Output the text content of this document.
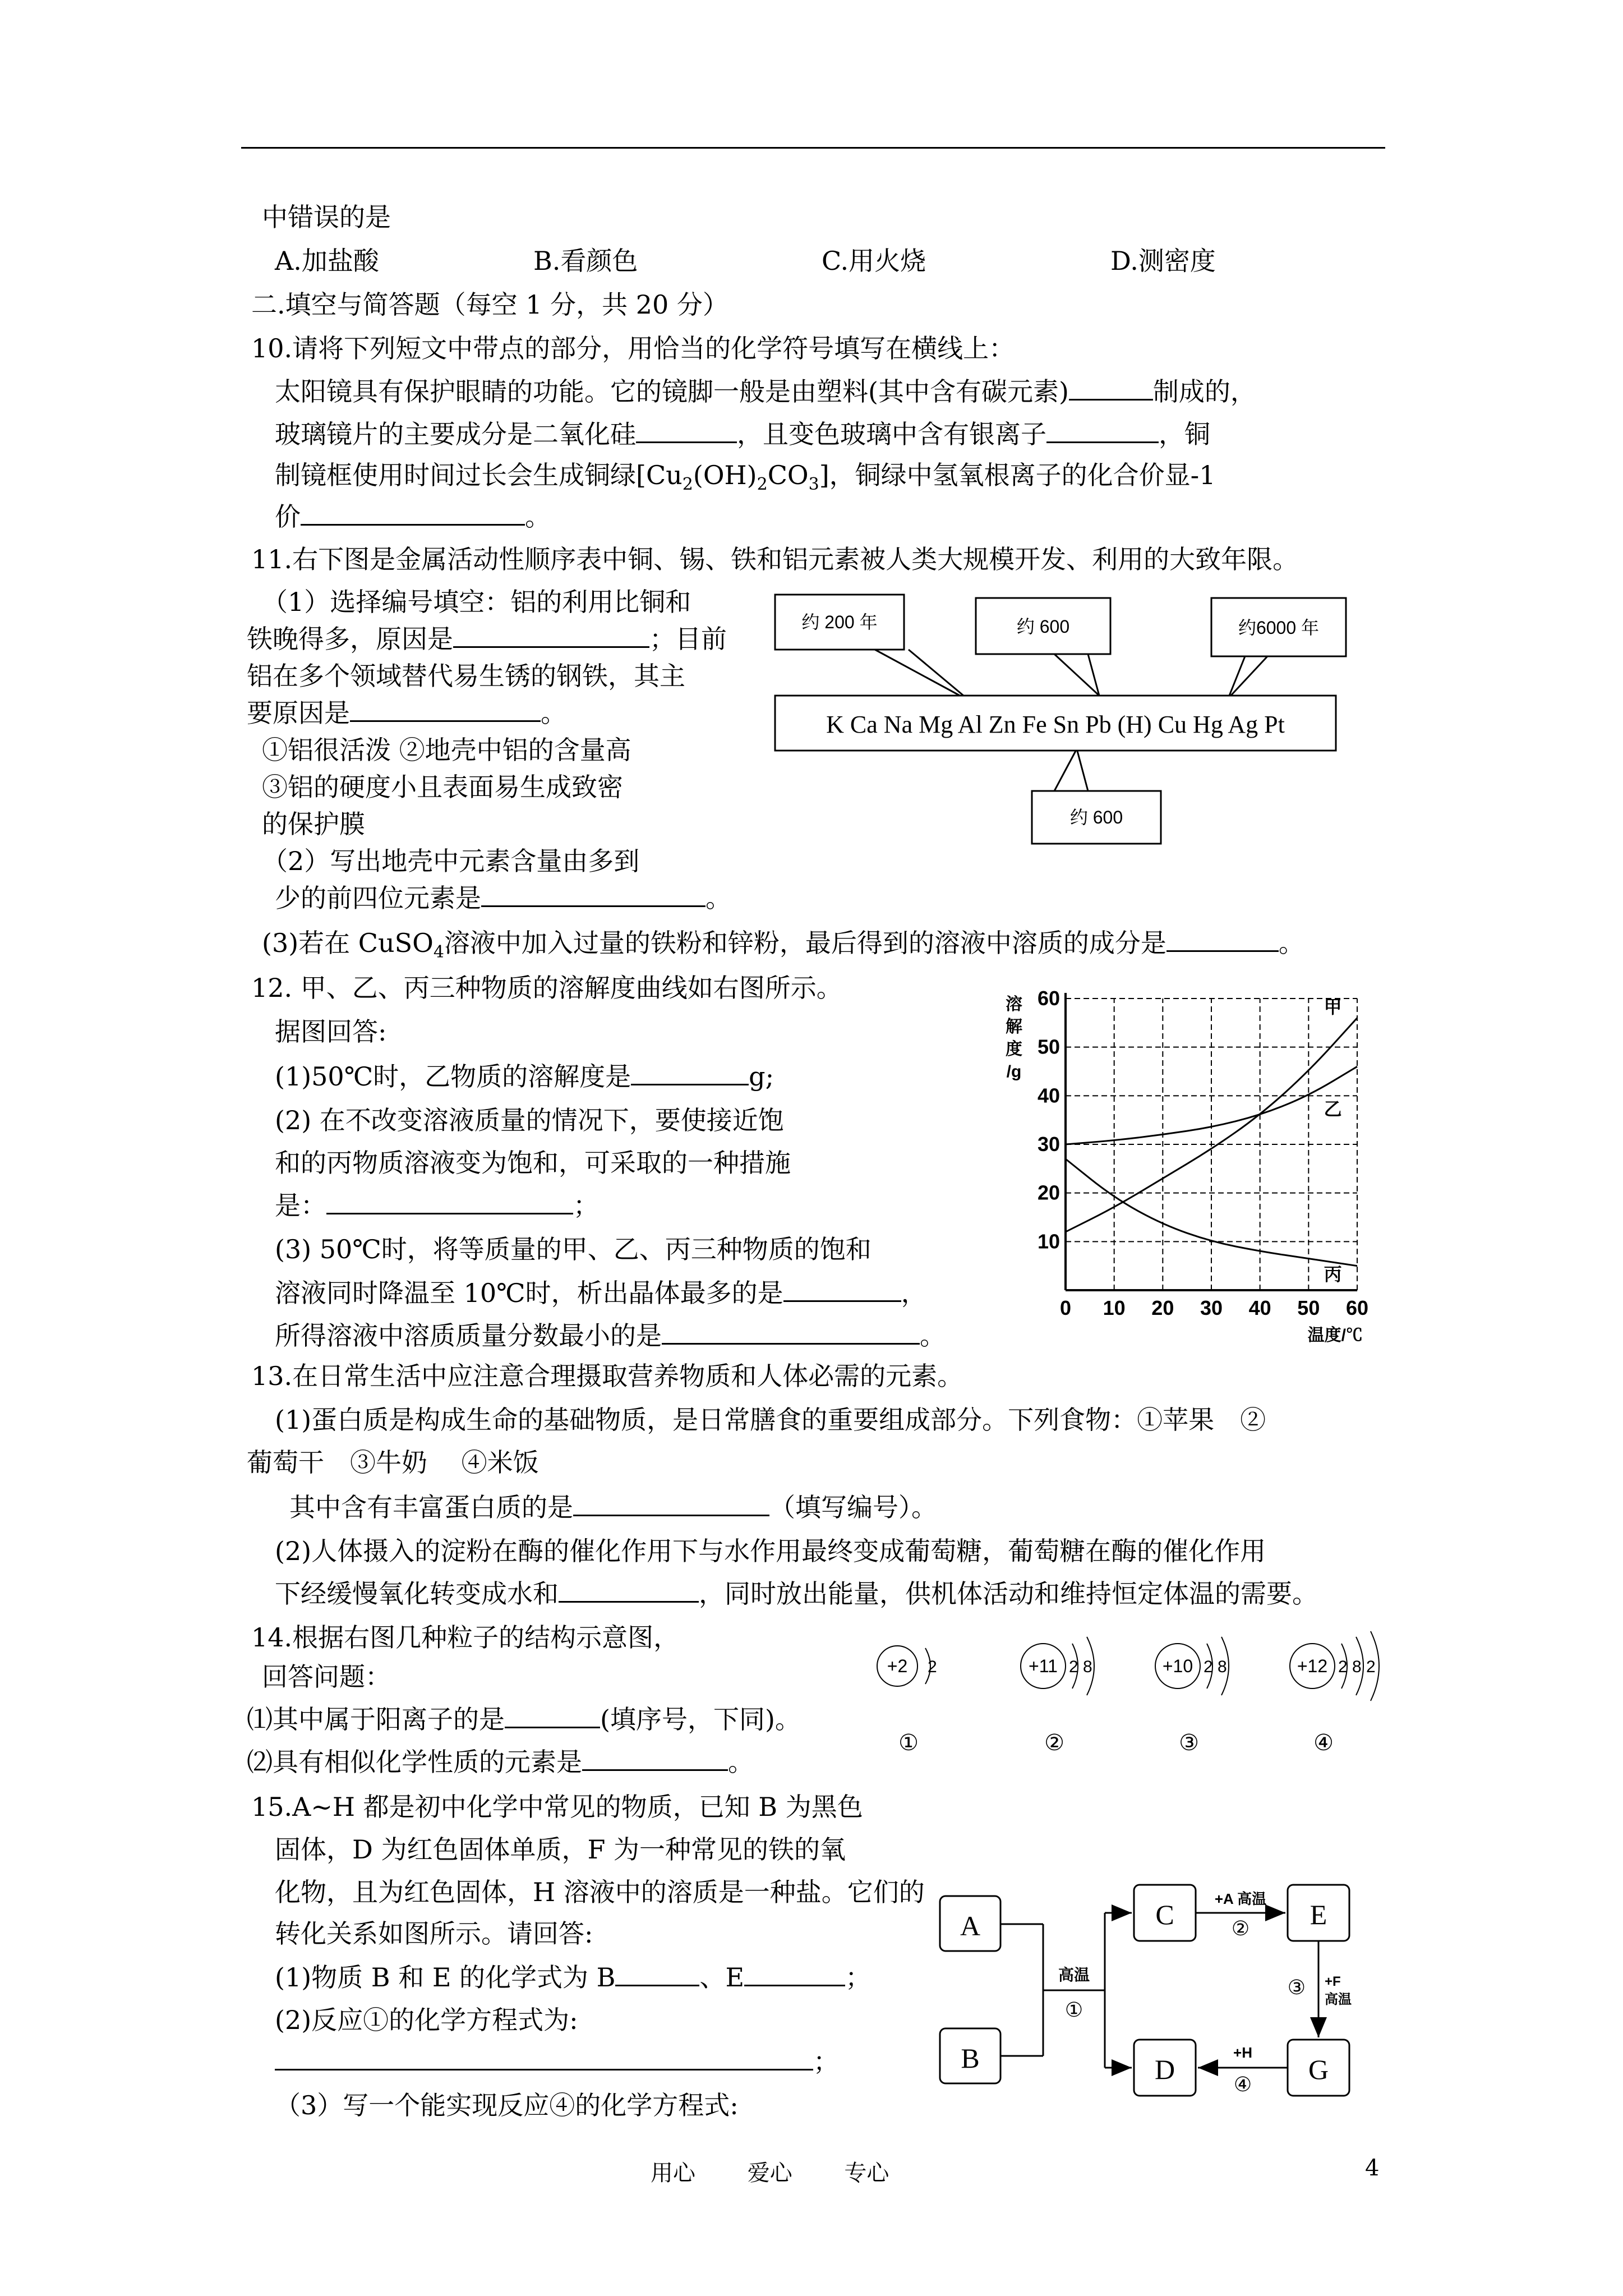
中错误的是
A.加盐酸	B.看颜色	C.用火烧	D.测密度
二.填空与简答题（每空 1 分，共 20 分）
10.请将下列短文中带点的部分，用恰当的化学符号填写在横线上：
太阳镜具有保护眼睛的功能。它的镜脚一般是由塑料(其中含有碳元素)	制成的，
玻璃镜片的主要成分是二氧化硅	，且变色玻璃中含有银离子	，铜
制镜框使用时间过长会生成铜绿$[Cu_2(OH)_2CO_3]$，铜绿中氢氧根离子的化合价显-1
价	。
11.右下图是金属活动性顺序表中铜、锡、铁和铝元素被人类大规模开发、利用的大致年限。
（1）选择编号填空：铝的利用比铜和
铁晚得多，原因是	；目前
铝在多个领域替代易生锈的钢铁，其主
要原因是	。
①铝很活泼 ②地壳中铝的含量高
③铝的硬度小且表面易生成致密
的保护膜
（2）写出地壳中元素含量由多到
少的前四位元素是	。
(3)若在 CuSO$_4$溶液中加入过量的铁粉和锌粉，最后得到的溶液中溶质的成分是	。
K Ca Na Mg Al Zn Fe Sn Pb (H) Cu Hg Ag Pt
约 200 年	约 600	约6000 年
约 600
12. 甲、乙、丙三种物质的溶解度曲线如右图所示。
据图回答:
(1)50℃时，乙物质的溶解度是	g;
(2) 在不改变溶液质量的情况下，要使接近饱
和的丙物质溶液变为饱和，可采取的一种措施
是：	；
(3) 50℃时，将等质量的甲、乙、丙三种物质的饱和
溶液同时降温至 10℃时，析出晶体最多的是	，
所得溶液中溶质质量分数最小的是	。
0 10 20 30 40 50 60
10
20
30
40
50
60
溶
解
度
/g
温度/℃
甲
乙
丙
13.在日常生活中应注意合理摄取营养物质和人体必需的元素。
(1)蛋白质是构成生命的基础物质，是日常膳食的重要组成部分。下列食物：①苹果　②
葡萄干　③牛奶　 ④米饭
其中含有丰富蛋白质的是	（填写编号）。
(2)人体摄入的淀粉在酶的催化作用下与水作用最终变成葡萄糖，葡萄糖在酶的催化作用
下经缓慢氧化转变成水和	，同时放出能量，供机体活动和维持恒定体温的需要。
14.根据右图几种粒子的结构示意图，
回答问题：
⑴其中属于阳离子的是	(填序号，下同)。
⑵具有相似化学性质的元素是	。
+2 2
①
+11 2 8
②
+10 2 8
③
+12 2 8 2
④
15.A~H 都是初中化学中常见的物质，已知 B 为黑色
固体，D 为红色固体单质，F 为一种常见的铁的氧
化物，且为红色固体，H 溶液中的溶质是一种盐。它们的
转化关系如图所示。请回答:
(1)物质 B 和 E 的化学式为 B	、E	；
(2)反应①的化学方程式为:
；
（3）写一个能实现反应④的化学方程式:
A
B
C
D
E
G
高温
①
+A 高温
②
③ +F
高温
+H
④
用心　　 爱心　　 专心	4
